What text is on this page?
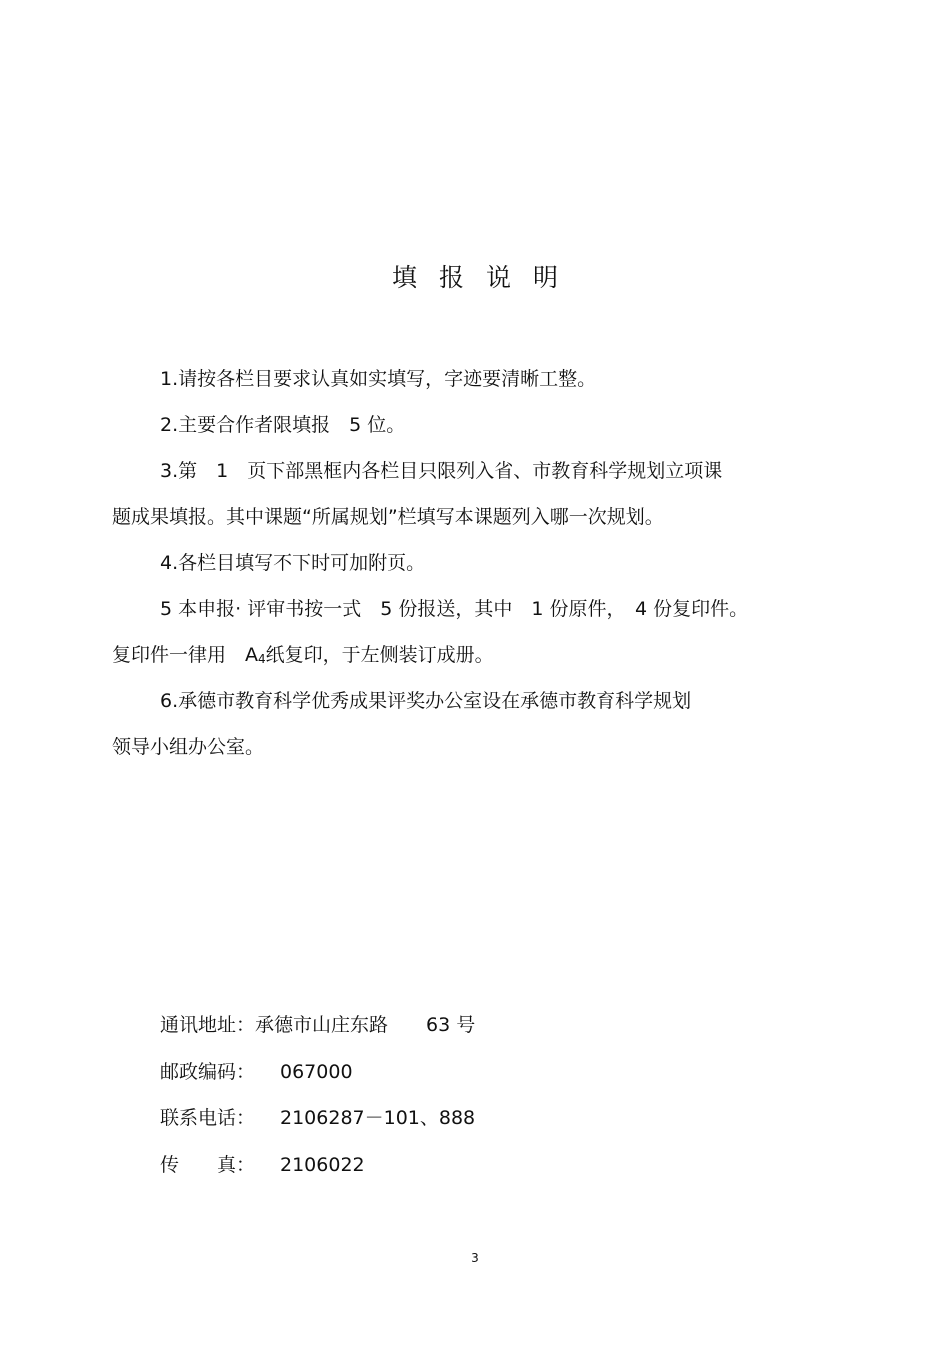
填报说明
1.请按各栏目要求认真如实填写，字迹要清晰工整。
2.主要合作者限填报　5 位。
3.第　1　页下部黑框内各栏目只限列入省、市教育科学规划立项课
题成果填报。其中课题“所属规划”栏填写本课题列入哪一次规划。
4.各栏目填写不下时可加附页。
5 本申报· 评审书按一式　5 份报送，其中　1 份原件，　4 份复印件。
复印件一律用　$A_4$纸复印，于左侧装订成册。
6.承德市教育科学优秀成果评奖办公室设在承德市教育科学规划
领导小组办公室。
通讯地址：承德市山庄东路　　63 号
邮政编码： 067000
联系电话： 2106287－101、888
传　　真： 2106022
3
